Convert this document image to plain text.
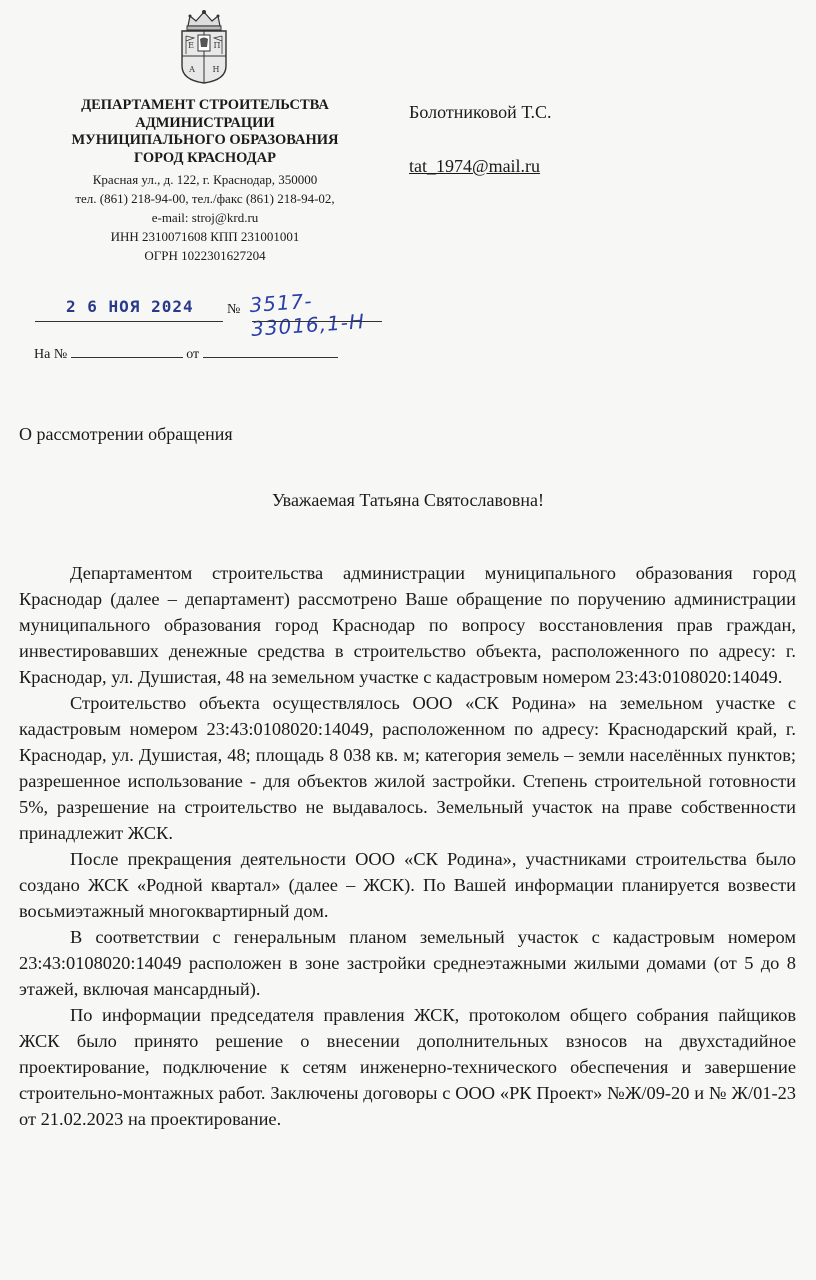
Е П
А Н

ДЕПАРТАМЕНТ СТРОИТЕЛЬСТВА
АДМИНИСТРАЦИИ
МУНИЦИПАЛЬНОГО ОБРАЗОВАНИЯ
ГОРОД КРАСНОДАР

Красная ул., д. 122, г. Краснодар, 350000
тел. (861) 218-94-00, тел./факс (861) 218-94-02,
e-mail: stroj@krd.ru
ИНН 2310071608 КПП 231001001
ОГРН 1022301627204
Болотниковой Т.С.
tat_1974@mail.ru
2 6 НОЯ 2024 № 3517-33016,1-Н
На №	от
О рассмотрении обращения
Уважаемая Татьяна Святославовна!

Департаментом строительства администрации муниципального образования город Краснодар (далее – департамент) рассмотрено Ваше обращение по поручению администрации муниципального образования город Краснодар по вопросу восстановления прав граждан, инвестировавших денежные средства в строительство объекта, расположенного по адресу: г. Краснодар, ул. Душистая, 48 на земельном участке с кадастровым номером 23:43:0108020:14049.

Строительство объекта осуществлялось ООО «СК Родина» на земельном участке с кадастровым номером 23:43:0108020:14049, расположенном по адресу: Краснодарский край, г. Краснодар, ул. Душистая, 48; площадь 8 038 кв. м; категория земель – земли населённых пунктов; разрешенное использование - для объектов жилой застройки. Степень строительной готовности 5%, разрешение на строительство не выдавалось. Земельный участок на праве собственности принадлежит ЖСК.

После прекращения деятельности ООО «СК Родина», участниками строительства было создано ЖСК «Родной квартал» (далее – ЖСК). По Вашей информации планируется возвести восьмиэтажный многоквартирный дом.

В соответствии с генеральным планом земельный участок с кадастровым номером 23:43:0108020:14049 расположен в зоне застройки среднеэтажными жилыми домами (от 5 до 8 этажей, включая мансардный).

По информации председателя правления ЖСК, протоколом общего собрания пайщиков ЖСК было принято решение о внесении дополнительных взносов на двухстадийное проектирование, подключение к сетям инженерно-технического обеспечения и завершение строительно-монтажных работ. Заключены договоры с ООО «РК Проект» №Ж/09-20 и № Ж/01-23 от 21.02.2023 на проектирование.
